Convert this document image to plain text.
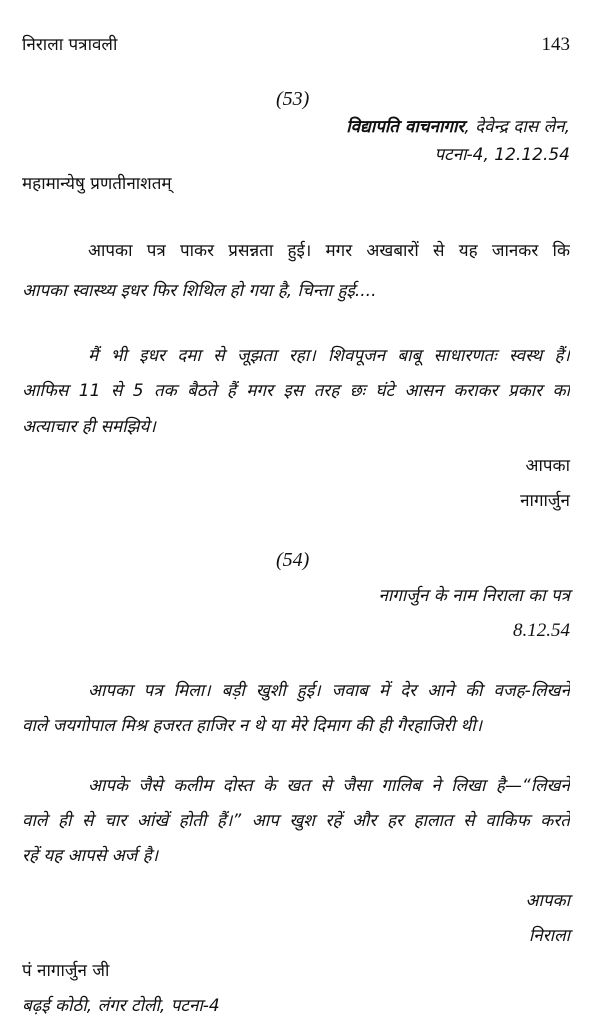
निराला पत्रावली	143
(53)
विद्यापति वाचनागार, देवेन्द्र दास लेन,
पटना-4, 12.12.54
महामान्येषु प्रणतीनाशतम्
आपका पत्र पाकर प्रसन्नता हुई। मगर अखबारों से यह जानकर कि
आपका स्वास्थ्य इधर फिर शिथिल हो गया है, चिन्ता हुई....
मैं भी इधर दमा से जूझता रहा। शिवपूजन बाबू साधारणतः स्वस्थ हैं।
आफिस 11 से 5 तक बैठते हैं मगर इस तरह छः घंटे आसन कराकर प्रकार का
अत्याचार ही समझिये।
आपका
नागार्जुन
(54)
नागार्जुन के नाम निराला का पत्र
8.12.54
आपका पत्र मिला। बड़ी खुशी हुई। जवाब में देर आने की वजह-लिखने
वाले जयगोपाल मिश्र हजरत हाजिर न थे या मेरे दिमाग की ही गैरहाजिरी थी।
आपके जैसे कलीम दोस्त के खत से जैसा गालिब ने लिखा है—“लिखने
वाले ही से चार आंखें होती हैं।” आप खुश रहें और हर हालात से वाकिफ करते
रहें यह आपसे अर्ज है।
आपका
निराला
पं नागार्जुन जी
बढ़ई कोठी, लंगर टोली, पटना-4
